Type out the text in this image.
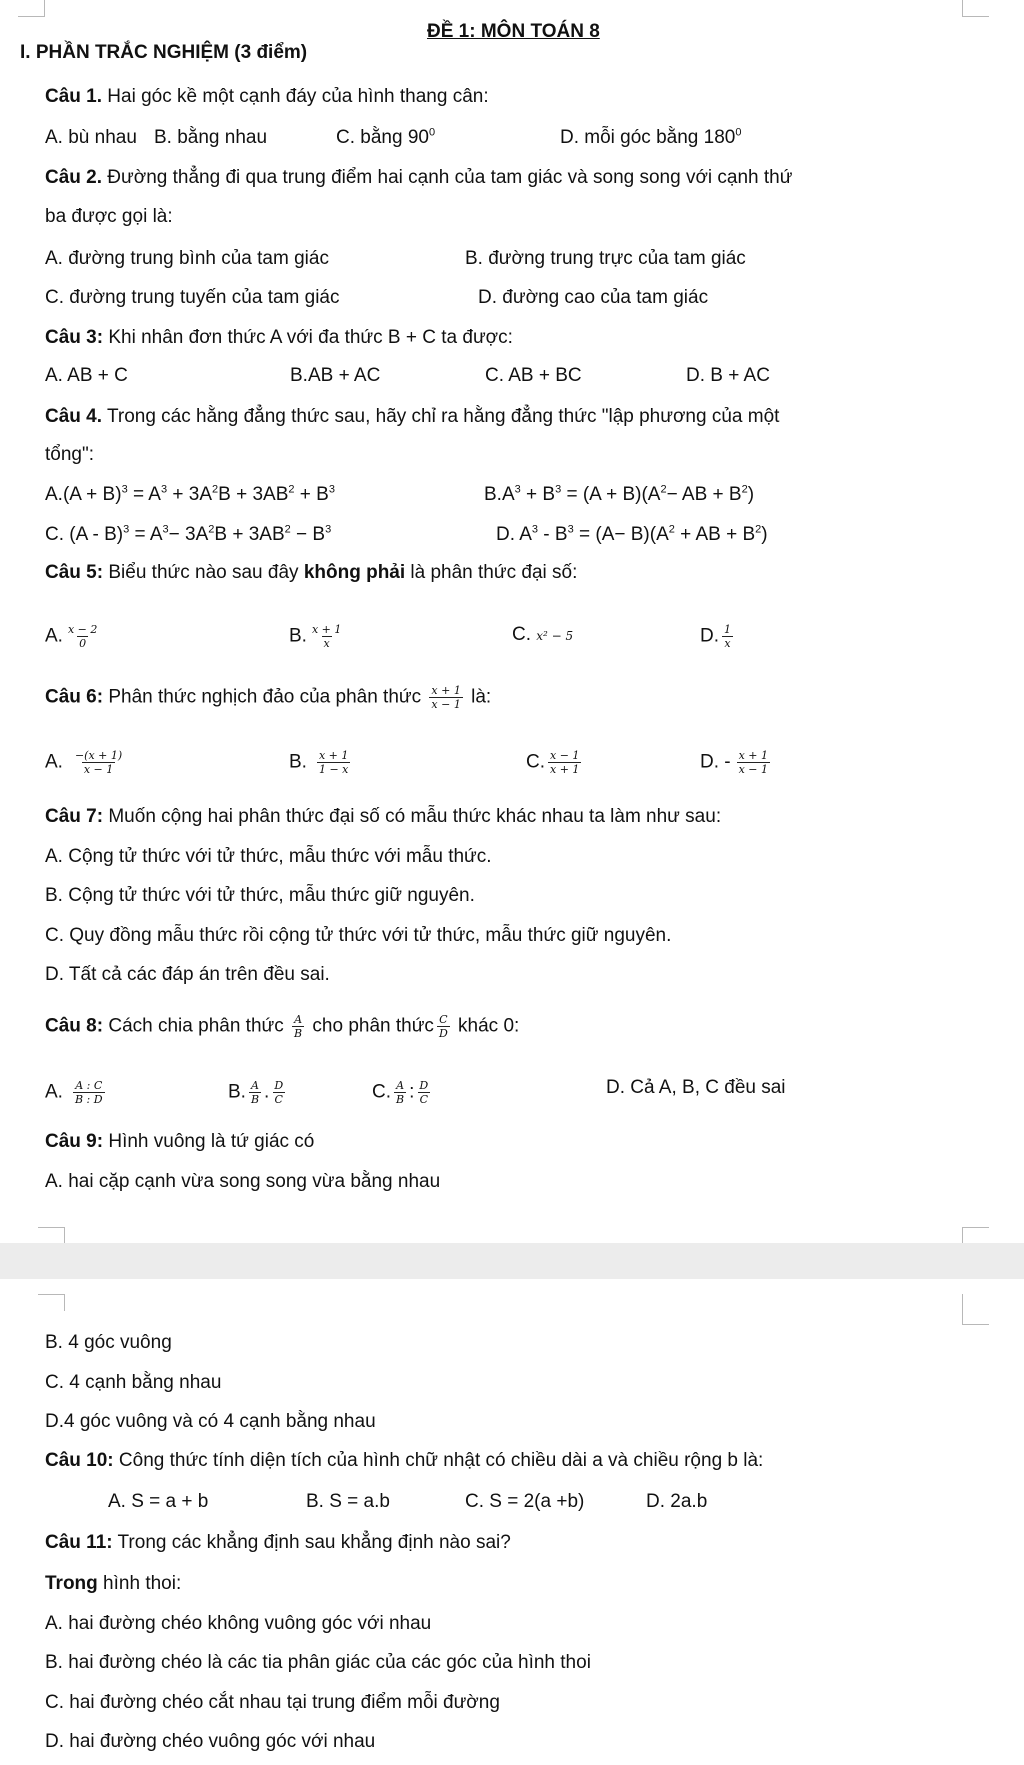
ĐỀ 1: MÔN TOÁN 8
I. PHẦN TRẮC NGHIỆM (3 điểm)
Câu 1. Hai góc kề một cạnh đáy của hình thang cân:
A. bù nhau B. bằng nhau	C. bằng $90^0$	D. mỗi góc bằng $180^0$
Câu 2. Đường thẳng đi qua trung điểm hai cạnh của tam giác và song song với cạnh thứ
ba được gọi là:
A. đường trung bình của tam giác	B. đường trung trực của tam giác
C. đường trung tuyến của tam giác	D. đường cao của tam giác
Câu 3: Khi nhân đơn thức A với đa thức B + C ta được:
A. AB + C	B.AB + AC	C. AB + BC	D. B + AC
Câu 4. Trong các hằng đẳng thức sau, hãy chỉ ra hằng đẳng thức "lập phương của một
tổng":
$A.(A + B)^3 = A^3 + 3A^2B + 3AB^2 + B^3$	$B.A^3 + B^3 = (A + B)(A^2-$ AB + $B^2$)
C. $(A - B)^3 = A^3- 3A^2B + 3AB^2 - B^3$	D. $A^3 - B^3 = (A- B)(A^2$ + AB + $B^2$)
Câu 5: Biểu thức nào sau đây không phải là phân thức đại số:
A. $\frac{x - 2}{0}$	B. $\frac{x + 1}{x}$	C. x² − 5	D. $\frac{1}{x}$
Câu 6: Phân thức nghịch đảo của phân thức $\frac{x + 1}{x - 1}$ là:
A. $\frac{-(x + 1)}{x - 1}$	B. $\frac{x + 1}{1 - x}$	C. $\frac{x - 1}{x + 1}$	D. - $\frac{x + 1}{x - 1}$
Câu 7: Muốn cộng hai phân thức đại số có mẫu thức khác nhau ta làm như sau:
A. Cộng tử thức với tử thức, mẫu thức với mẫu thức.
B. Cộng tử thức với tử thức, mẫu thức giữ nguyên.
C. Quy đồng mẫu thức rồi cộng tử thức với tử thức, mẫu thức giữ nguyên.
D. Tất cả các đáp án trên đều sai.
Câu 8: Cách chia phân thức $\frac{A}{B}$ cho phân thức $\frac{C}{D}$ khác 0:
A. $\frac{A : C}{B : D}$	B. $\frac{A}{B}$ . $\frac{D}{C}$	C. $\frac{A}{B}$ : $\frac{D}{C}$	D. Cả A, B, C đều sai
Câu 9: Hình vuông là tứ giác có
A. hai cặp cạnh vừa song song vừa bằng nhau
B. 4 góc vuông
C. 4 cạnh bằng nhau
D.4 góc vuông và có 4 cạnh bằng nhau
Câu 10: Công thức tính diện tích của hình chữ nhật có chiều dài a và chiều rộng b là:
A. S = a + b	B. S = a.b	C. S = 2(a +b)	D. 2a.b
Câu 11: Trong các khẳng định sau khẳng định nào sai?
Trong hình thoi:
A. hai đường chéo không vuông góc với nhau
B. hai đường chéo là các tia phân giác của các góc của hình thoi
C. hai đường chéo cắt nhau tại trung điểm mỗi đường
D. hai đường chéo vuông góc với nhau
